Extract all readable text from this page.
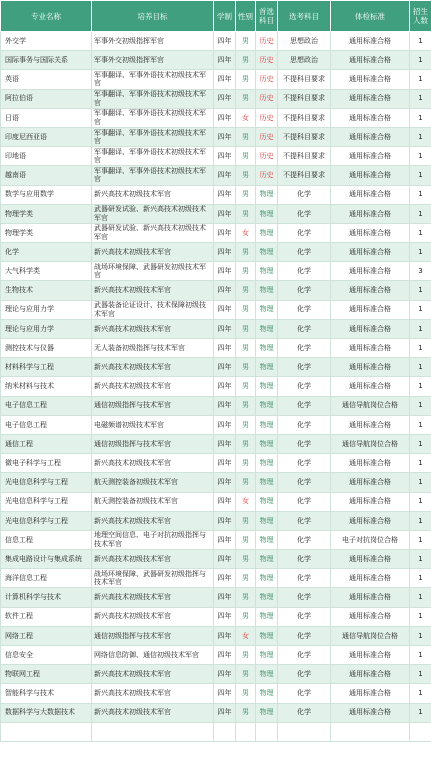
专业名称	培养目标	学制	性别	首选科目	选考科目	体检标准	招生人数
外交学	军事外交初级指挥军官	四年	男	历史	思想政治	通用标准合格	1
国际事务与国际关系	军事外交初级指挥军官	四年	男	历史	思想政治	通用标准合格	1
英语	军事翻译、军事外语技术初级技术军官	四年	男	历史	不提科目要求	通用标准合格	1
阿拉伯语	军事翻译、军事外语技术初级技术军官	四年	男	历史	不提科目要求	通用标准合格	1
日语	军事翻译、军事外语技术初级技术军官	四年	女	历史	不提科目要求	通用标准合格	1
印度尼西亚语	军事翻译、军事外语技术初级技术军官	四年	男	历史	不提科目要求	通用标准合格	1
印地语	军事翻译、军事外语技术初级技术军官	四年	男	历史	不提科目要求	通用标准合格	1
越南语	军事翻译、军事外语技术初级技术军官	四年	男	历史	不提科目要求	通用标准合格	1
数学与应用数学	新兴高技术初级技术军官	四年	男	物理	化学	通用标准合格	1
物理学类	武器研发试验、新兴高技术初级技术军官	四年	男	物理	化学	通用标准合格	1
物理学类	武器研发试验、新兴高技术初级技术军官	四年	女	物理	化学	通用标准合格	1
化学	新兴高技术初级技术军官	四年	男	物理	化学	通用标准合格	1
大气科学类	战场环境保障、武器研发初级技术军官	四年	男	物理	化学	通用标准合格	3
生物技术	新兴高技术初级技术军官	四年	男	物理	化学	通用标准合格	1
理论与应用力学	武器装备论证设计、技术保障初级技术军官	四年	男	物理	化学	通用标准合格	1
理论与应用力学	新兴高技术初级技术军官	四年	男	物理	化学	通用标准合格	1
测控技术与仪器	无人装备初级指挥与技术军官	四年	男	物理	化学	通用标准合格	1
材料科学与工程	新兴高技术初级技术军官	四年	男	物理	化学	通用标准合格	1
纳米材料与技术	新兴高技术初级技术军官	四年	男	物理	化学	通用标准合格	1
电子信息工程	通信初级指挥与技术军官	四年	男	物理	化学	通信导航岗位合格	1
电子信息工程	电磁频谱初级技术军官	四年	男	物理	化学	通用标准合格	1
通信工程	通信初级指挥与技术军官	四年	男	物理	化学	通信导航岗位合格	1
微电子科学与工程	新兴高技术初级技术军官	四年	男	物理	化学	通用标准合格	1
光电信息科学与工程	航天测控装备初级技术军官	四年	男	物理	化学	通用标准合格	1
光电信息科学与工程	航天测控装备初级技术军官	四年	女	物理	化学	通用标准合格	1
光电信息科学与工程	新兴高技术初级技术军官	四年	男	物理	化学	通用标准合格	1
信息工程	地理空间信息、电子对抗初级指挥与技术军官	四年	男	物理	化学	电子对抗岗位合格	1
集成电路设计与集成系统	新兴高技术初级技术军官	四年	男	物理	化学	通用标准合格	1
海洋信息工程	战场环境保障、武器研发初级指挥与技术军官	四年	男	物理	化学	通用标准合格	1
计算机科学与技术	新兴高技术初级技术军官	四年	男	物理	化学	通用标准合格	1
软件工程	新兴高技术初级技术军官	四年	男	物理	化学	通用标准合格	1
网络工程	通信初级指挥与技术军官	四年	女	物理	化学	通信导航岗位合格	1
信息安全	网络信息防御、通信初级技术军官	四年	男	物理	化学	通用标准合格	1
物联网工程	新兴高技术初级技术军官	四年	男	物理	化学	通用标准合格	1
智能科学与技术	新兴高技术初级技术军官	四年	男	物理	化学	通用标准合格	1
数据科学与大数据技术	新兴高技术初级技术军官	四年	男	物理	化学	通用标准合格	1
